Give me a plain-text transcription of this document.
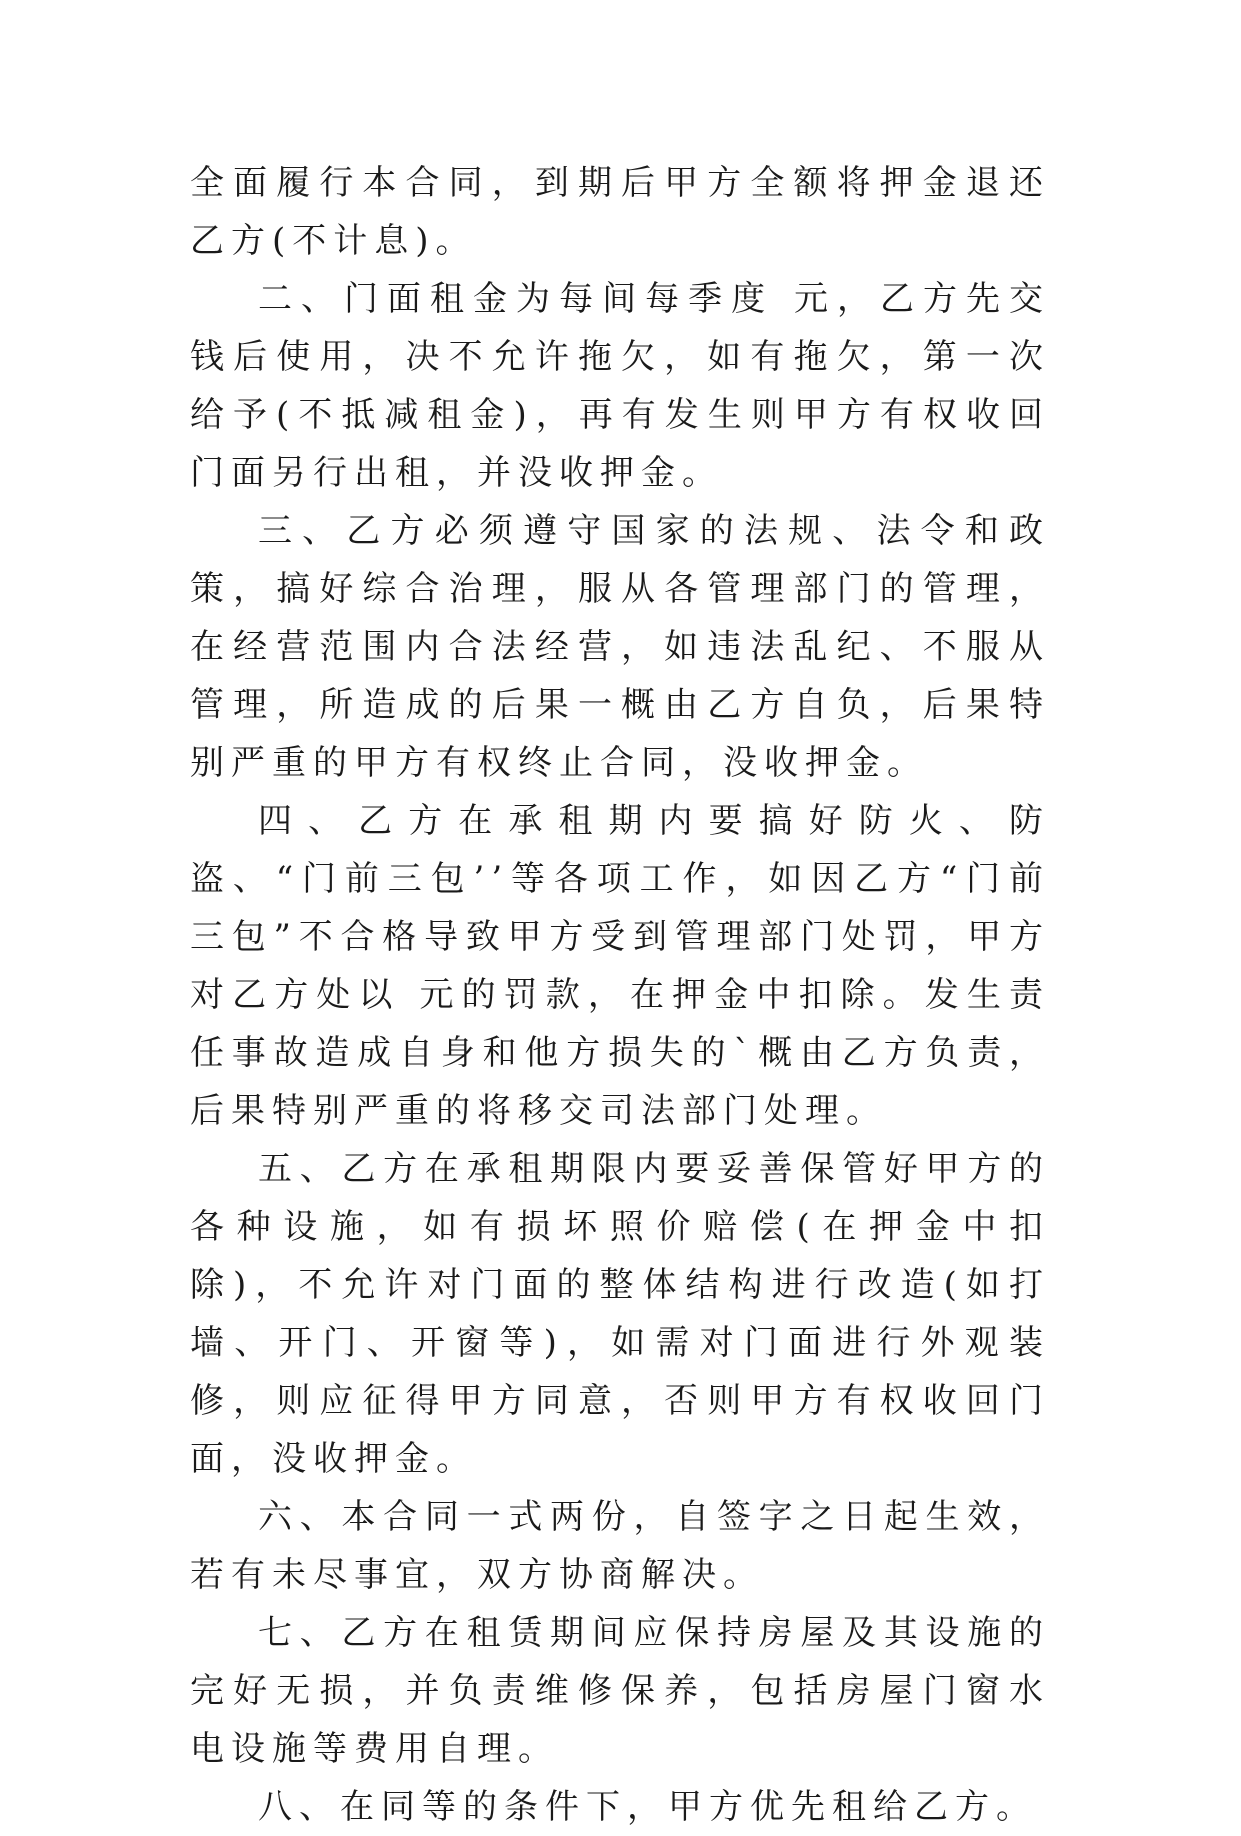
全面履行本合同，到期后甲方全额将押金退还乙方(不计息)。

二、门面租金为每间每季度 元，乙方先交钱后使用，决不允许拖欠，如有拖欠，第一次给予(不抵减租金)，再有发生则甲方有权收回门面另行出租，并没收押金。

三、乙方必须遵守国家的法规、法令和政策，搞好综合治理，服从各管理部门的管理，在经营范围内合法经营，如违法乱纪、不服从管理，所造成的后果一概由乙方自负，后果特别严重的甲方有权终止合同，没收押金。

四、乙方在承租期内要搞好防火、防盗、“门前三包’’等各项工作，如因乙方“门前三包”不合格导致甲方受到管理部门处罚，甲方对乙方处以 元的罚款，在押金中扣除。发生责任事故造成自身和他方损失的`概由乙方负责，后果特别严重的将移交司法部门处理。

五、乙方在承租期限内要妥善保管好甲方的各种设施，如有损坏照价赔偿(在押金中扣除)，不允许对门面的整体结构进行改造(如打墙、开门、开窗等)，如需对门面进行外观装修，则应征得甲方同意，否则甲方有权收回门面，没收押金。

六、本合同一式两份，自签字之日起生效，若有未尽事宜，双方协商解决。

七、乙方在租赁期间应保持房屋及其设施的完好无损，并负责维修保养，包括房屋门窗水电设施等费用自理。

八、在同等的条件下，甲方优先租给乙方。
